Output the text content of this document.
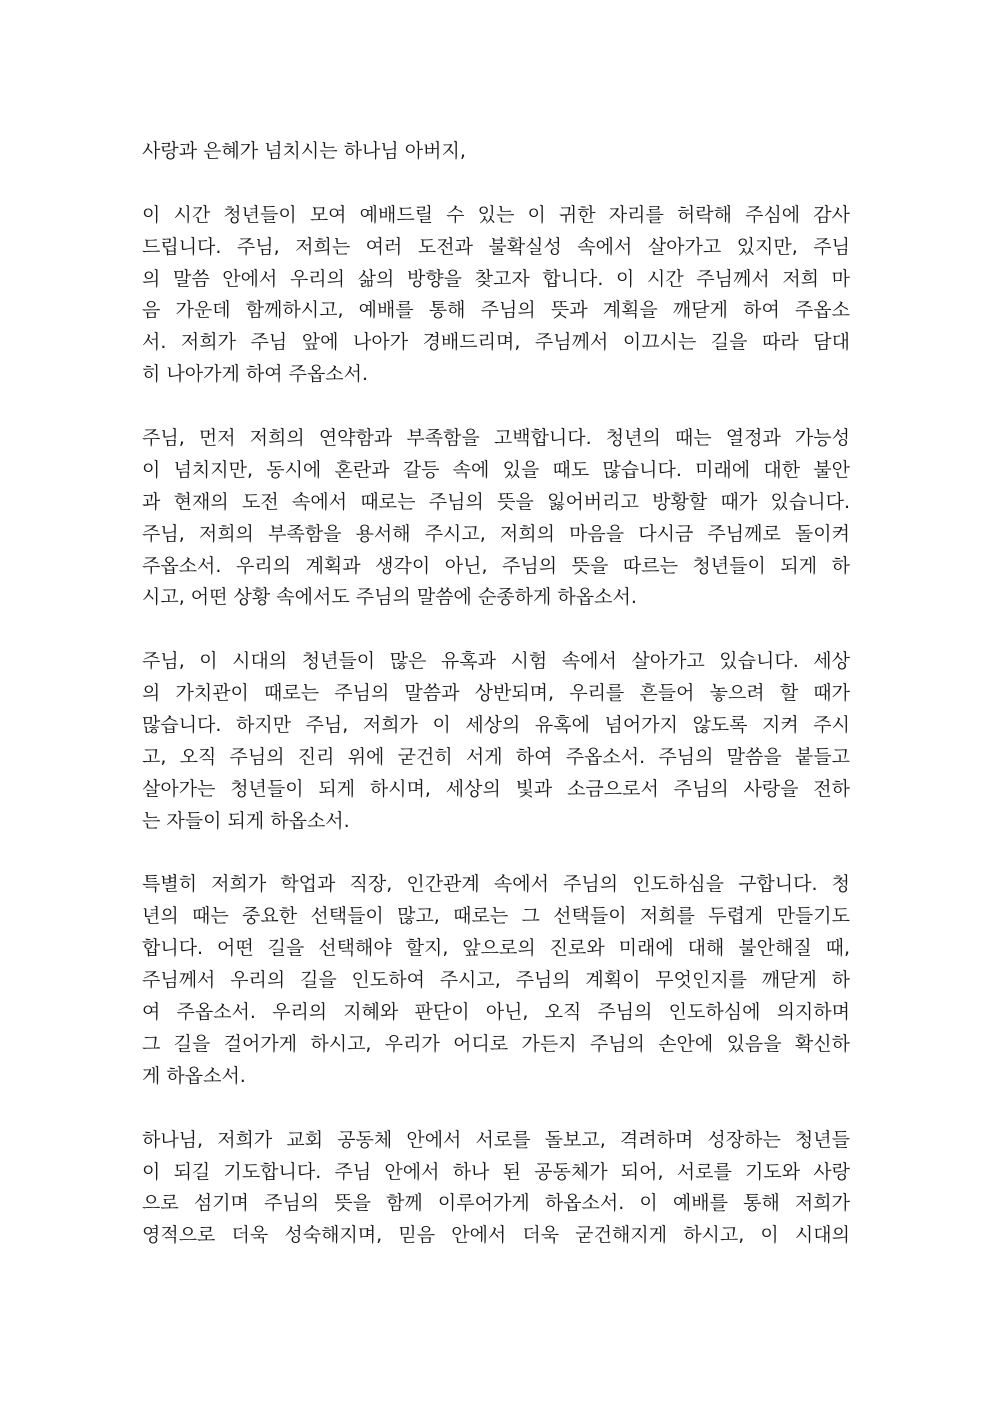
사랑과 은혜가 넘치시는 하나님 아버지,
이 시간 청년들이 모여 예배드릴 수 있는 이 귀한 자리를 허락해 주심에 감사
드립니다. 주님, 저희는 여러 도전과 불확실성 속에서 살아가고 있지만, 주님
의 말씀 안에서 우리의 삶의 방향을 찾고자 합니다. 이 시간 주님께서 저희 마
음 가운데 함께하시고, 예배를 통해 주님의 뜻과 계획을 깨닫게 하여 주옵소
서. 저희가 주님 앞에 나아가 경배드리며, 주님께서 이끄시는 길을 따라 담대
히 나아가게 하여 주옵소서.
주님, 먼저 저희의 연약함과 부족함을 고백합니다. 청년의 때는 열정과 가능성
이 넘치지만, 동시에 혼란과 갈등 속에 있을 때도 많습니다. 미래에 대한 불안
과 현재의 도전 속에서 때로는 주님의 뜻을 잃어버리고 방황할 때가 있습니다.
주님, 저희의 부족함을 용서해 주시고, 저희의 마음을 다시금 주님께로 돌이켜
주옵소서. 우리의 계획과 생각이 아닌, 주님의 뜻을 따르는 청년들이 되게 하
시고, 어떤 상황 속에서도 주님의 말씀에 순종하게 하옵소서.
주님, 이 시대의 청년들이 많은 유혹과 시험 속에서 살아가고 있습니다. 세상
의 가치관이 때로는 주님의 말씀과 상반되며, 우리를 흔들어 놓으려 할 때가
많습니다. 하지만 주님, 저희가 이 세상의 유혹에 넘어가지 않도록 지켜 주시
고, 오직 주님의 진리 위에 굳건히 서게 하여 주옵소서. 주님의 말씀을 붙들고
살아가는 청년들이 되게 하시며, 세상의 빛과 소금으로서 주님의 사랑을 전하
는 자들이 되게 하옵소서.
특별히 저희가 학업과 직장, 인간관계 속에서 주님의 인도하심을 구합니다. 청
년의 때는 중요한 선택들이 많고, 때로는 그 선택들이 저희를 두렵게 만들기도
합니다. 어떤 길을 선택해야 할지, 앞으로의 진로와 미래에 대해 불안해질 때,
주님께서 우리의 길을 인도하여 주시고, 주님의 계획이 무엇인지를 깨닫게 하
여 주옵소서. 우리의 지혜와 판단이 아닌, 오직 주님의 인도하심에 의지하며
그 길을 걸어가게 하시고, 우리가 어디로 가든지 주님의 손안에 있음을 확신하
게 하옵소서.
하나님, 저희가 교회 공동체 안에서 서로를 돌보고, 격려하며 성장하는 청년들
이 되길 기도합니다. 주님 안에서 하나 된 공동체가 되어, 서로를 기도와 사랑
으로 섬기며 주님의 뜻을 함께 이루어가게 하옵소서. 이 예배를 통해 저희가
영적으로 더욱 성숙해지며, 믿음 안에서 더욱 굳건해지게 하시고, 이 시대의
